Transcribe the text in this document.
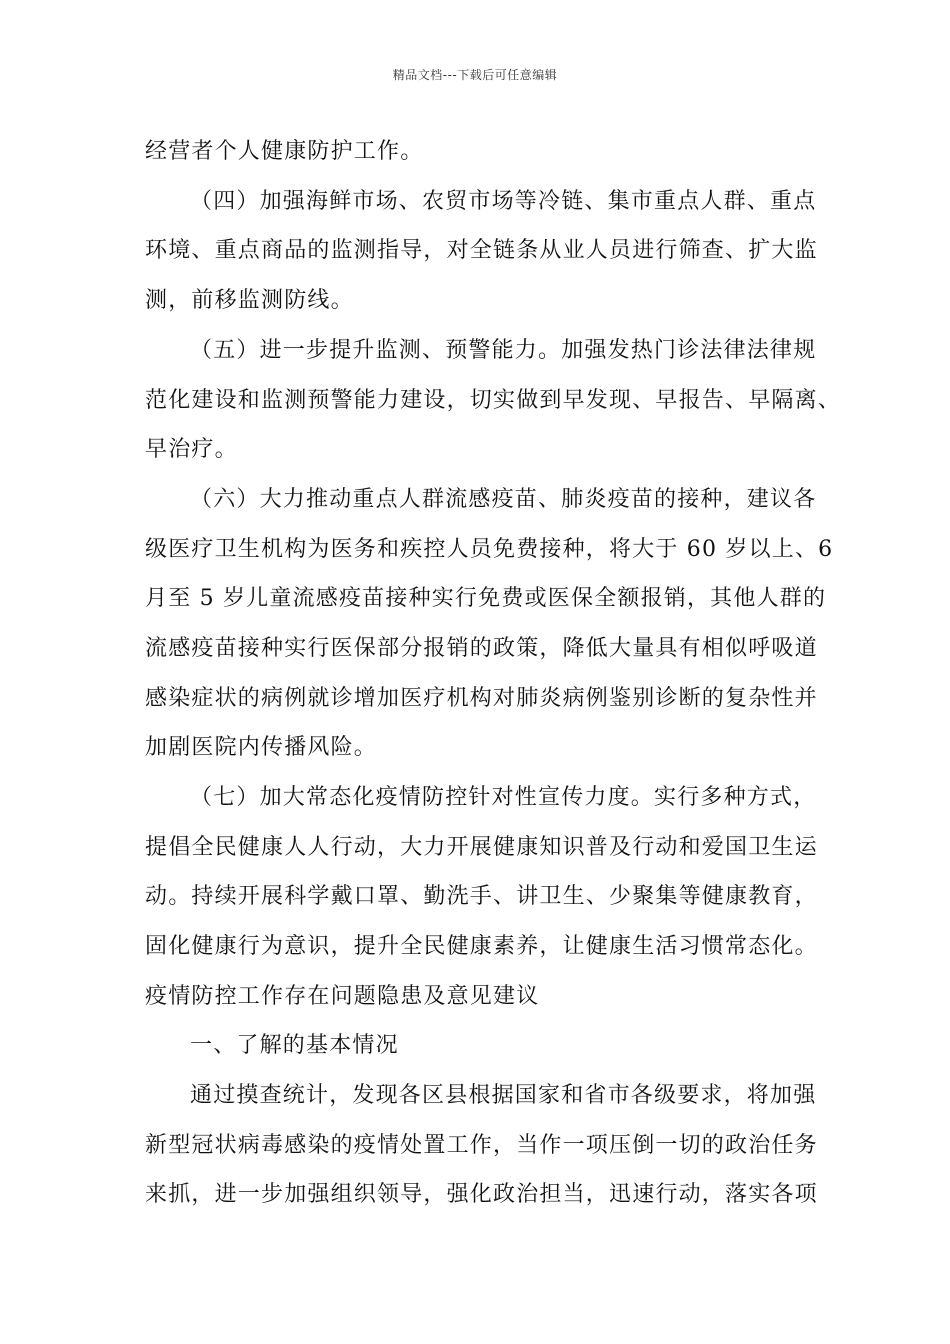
精品文档---下载后可任意编辑
经营者个人健康防护工作。
（四）加强海鲜市场、农贸市场等冷链、集市重点人群、重点
环境、重点商品的监测指导，对全链条从业人员进行筛查、扩大监
测，前移监测防线。
（五）进一步提升监测、预警能力。加强发热门诊法律法律规
范化建设和监测预警能力建设，切实做到早发现、早报告、早隔离、
早治疗。
（六）大力推动重点人群流感疫苗、肺炎疫苗的接种，建议各
级医疗卫生机构为医务和疾控人员免费接种，将大于 60 岁以上、6
月至 5 岁儿童流感疫苗接种实行免费或医保全额报销，其他人群的
流感疫苗接种实行医保部分报销的政策，降低大量具有相似呼吸道
感染症状的病例就诊增加医疗机构对肺炎病例鉴别诊断的复杂性并
加剧医院内传播风险。
（七）加大常态化疫情防控针对性宣传力度。实行多种方式，
提倡全民健康人人行动，大力开展健康知识普及行动和爱国卫生运
动。持续开展科学戴口罩、勤洗手、讲卫生、少聚集等健康教育，
固化健康行为意识，提升全民健康素养，让健康生活习惯常态化。
疫情防控工作存在问题隐患及意见建议
一、了解的基本情况
通过摸查统计，发现各区县根据国家和省市各级要求，将加强
新型冠状病毒感染的疫情处置工作，当作一项压倒一切的政治任务
来抓，进一步加强组织领导，强化政治担当，迅速行动，落实各项
